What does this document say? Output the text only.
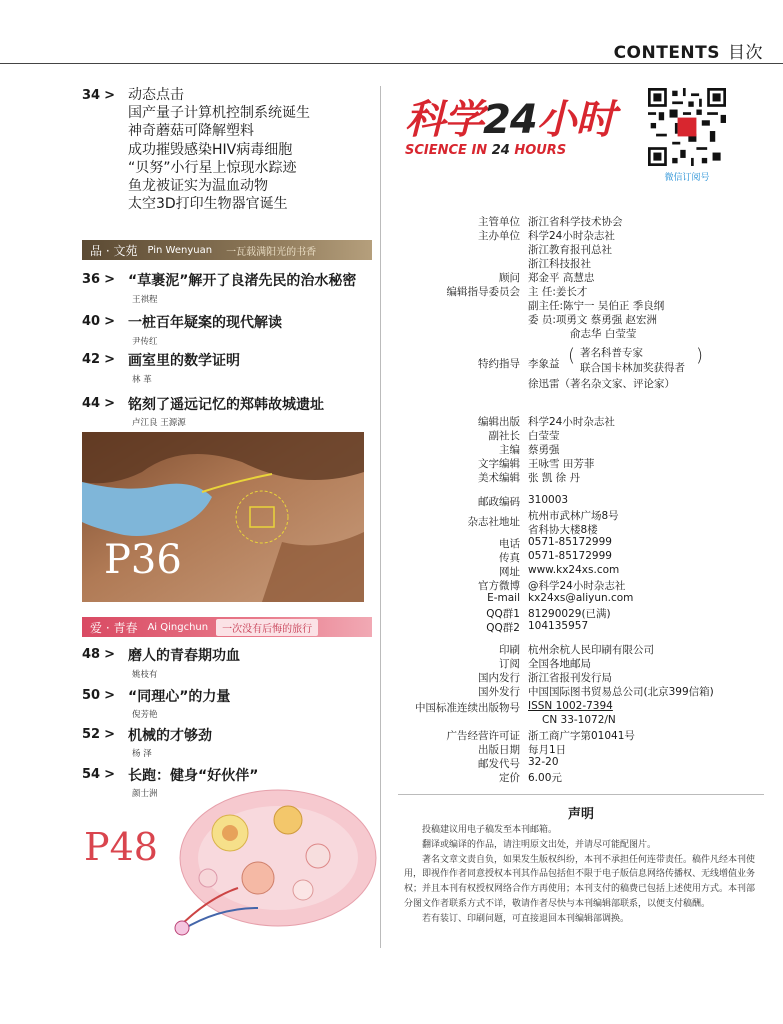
CONTENTS 目次
34 > 动态点击
国产量子计算机控制系统诞生
神奇蘑菇可降解塑料
成功摧毁感染HIV病毒细胞
“贝努”小行星上惊现水踪迹
鱼龙被证实为温血动物
太空3D打印生物器官诞生
品 · 文苑 Pin Wenyuan	一瓦载满阳光的书香
36 > “草裹泥”解开了良渚先民的治水秘密
王祺程
40 > 一桩百年疑案的现代解读
尹传红
42 > 画室里的数学证明
林 革
44 > 铭刻了遥远记忆的郑韩故城遗址
卢江良 王源源
P36
爱 · 青春 Ai Qingchun	一次没有后悔的旅行
48 > 磨人的青春期功血
姚枝有
50 > “同理心”的力量
倪芳艳
52 > 机械的才够劲
杨 泽
54 > 长跑：健身“好伙伴”
颜士洲
P48
科学24小时
SCIENCE IN 24 HOURS
微信订阅号
主管单位 浙江省科学技术协会
主办单位 科学24小时杂志社
浙江教育报刊总社
浙江科技报社
顾问 郑金平 高慧忠
编辑指导委员会 主 任:姜长才
副主任:陈宁一 吴伯正 季良纲
委 员:项勇文 蔡勇强 赵宏洲
俞志华 白莹莹
特约指导 李象益 ( 著名科普专家
联合国卡林加奖获得者
)
徐迅雷（著名杂文家、评论家）
编辑出版 科学24小时杂志社
副社长 白莹莹
主编 蔡勇强
文字编辑 王咏雪 田芳菲
美术编辑 张 凯 徐 丹
邮政编码 310003
杂志社地址 杭州市武林广场8号
省科协大楼8楼
电话 0571-85172999
传真 0571-85172999
网址 www.kx24xs.com
官方微博 @科学24小时杂志社
E-mail kx24xs@aliyun.com
QQ群1 81290029(已满)
QQ群2 104135957
印刷 杭州余杭人民印刷有限公司
订阅 全国各地邮局
国内发行 浙江省报刊发行局
国外发行 中国国际图书贸易总公司(北京399信箱)
中国标准连续出版物号 ISSN 1002-7394
CN 33-1072/N
广告经营许可证 浙工商广字第01041号
出版日期 每月1日
邮发代号 32-20
定价 6.00元
声明

投稿建议用电子稿发至本刊邮箱。

翻译或编译的作品，请注明原文出处，并请尽可能配图片。

著名文章文责自负，如果发生版权纠纷，本刊不承担任何连带责任。稿件凡经本刊使用，即视作作者同意授权本刊其作品包括但不限于电子版信息网络传播权、无线增值业务权；并且本刊有权授权网络合作方再使用；本刊支付的稿费已包括上述使用方式。本刊部分图文作者联系方式不详，敬请作者尽快与本刊编辑部联系，以便支付稿酬。

若有装订、印刷问题，可直接退回本刊编辑部调换。
